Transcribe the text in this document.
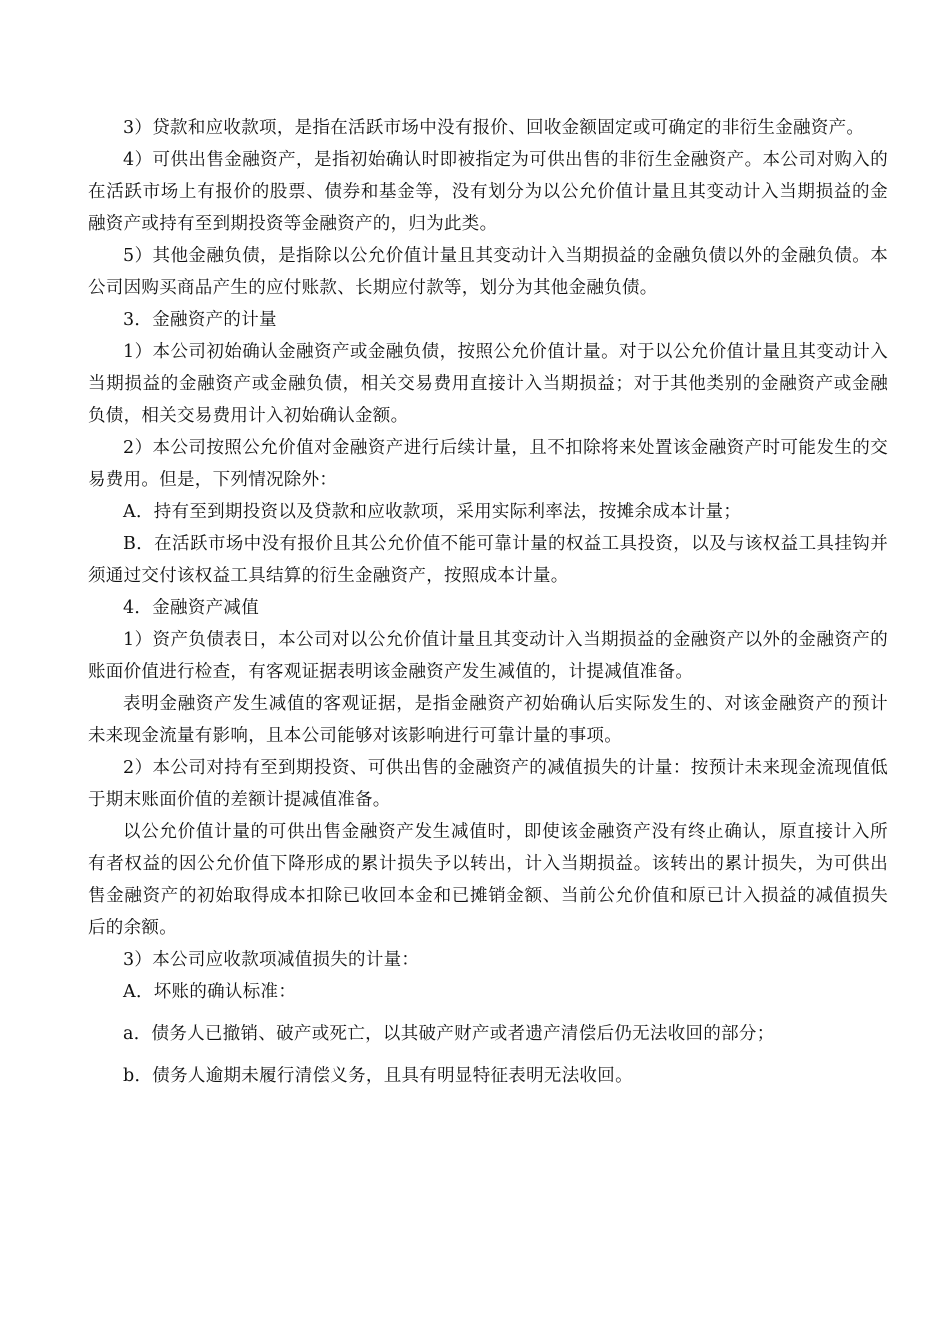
3）贷款和应收款项，是指在活跃市场中没有报价、回收金额固定或可确定的非衍生金融资产。

4）可供出售金融资产，是指初始确认时即被指定为可供出售的非衍生金融资产。本公司对购入的在活跃市场上有报价的股票、债券和基金等，没有划分为以公允价值计量且其变动计入当期损益的金融资产或持有至到期投资等金融资产的，归为此类。

5）其他金融负债，是指除以公允价值计量且其变动计入当期损益的金融负债以外的金融负债。本公司因购买商品产生的应付账款、长期应付款等，划分为其他金融负债。

3．金融资产的计量

1）本公司初始确认金融资产或金融负债，按照公允价值计量。对于以公允价值计量且其变动计入当期损益的金融资产或金融负债，相关交易费用直接计入当期损益；对于其他类别的金融资产或金融负债，相关交易费用计入初始确认金额。

2）本公司按照公允价值对金融资产进行后续计量，且不扣除将来处置该金融资产时可能发生的交易费用。但是，下列情况除外：

A．持有至到期投资以及贷款和应收款项，采用实际利率法，按摊余成本计量；

B．在活跃市场中没有报价且其公允价值不能可靠计量的权益工具投资，以及与该权益工具挂钩并须通过交付该权益工具结算的衍生金融资产，按照成本计量。

4．金融资产减值

1）资产负债表日，本公司对以公允价值计量且其变动计入当期损益的金融资产以外的金融资产的账面价值进行检查，有客观证据表明该金融资产发生减值的，计提减值准备。

表明金融资产发生减值的客观证据，是指金融资产初始确认后实际发生的、对该金融资产的预计未来现金流量有影响，且本公司能够对该影响进行可靠计量的事项。

2）本公司对持有至到期投资、可供出售的金融资产的减值损失的计量：按预计未来现金流现值低于期末账面价值的差额计提减值准备。

以公允价值计量的可供出售金融资产发生减值时，即使该金融资产没有终止确认，原直接计入所有者权益的因公允价值下降形成的累计损失予以转出，计入当期损益。该转出的累计损失，为可供出售金融资产的初始取得成本扣除已收回本金和已摊销金额、当前公允价值和原已计入损益的减值损失后的余额。

3）本公司应收款项减值损失的计量：

A．坏账的确认标准：

a．债务人已撤销、破产或死亡，以其破产财产或者遗产清偿后仍无法收回的部分；

b．债务人逾期未履行清偿义务，且具有明显特征表明无法收回。
